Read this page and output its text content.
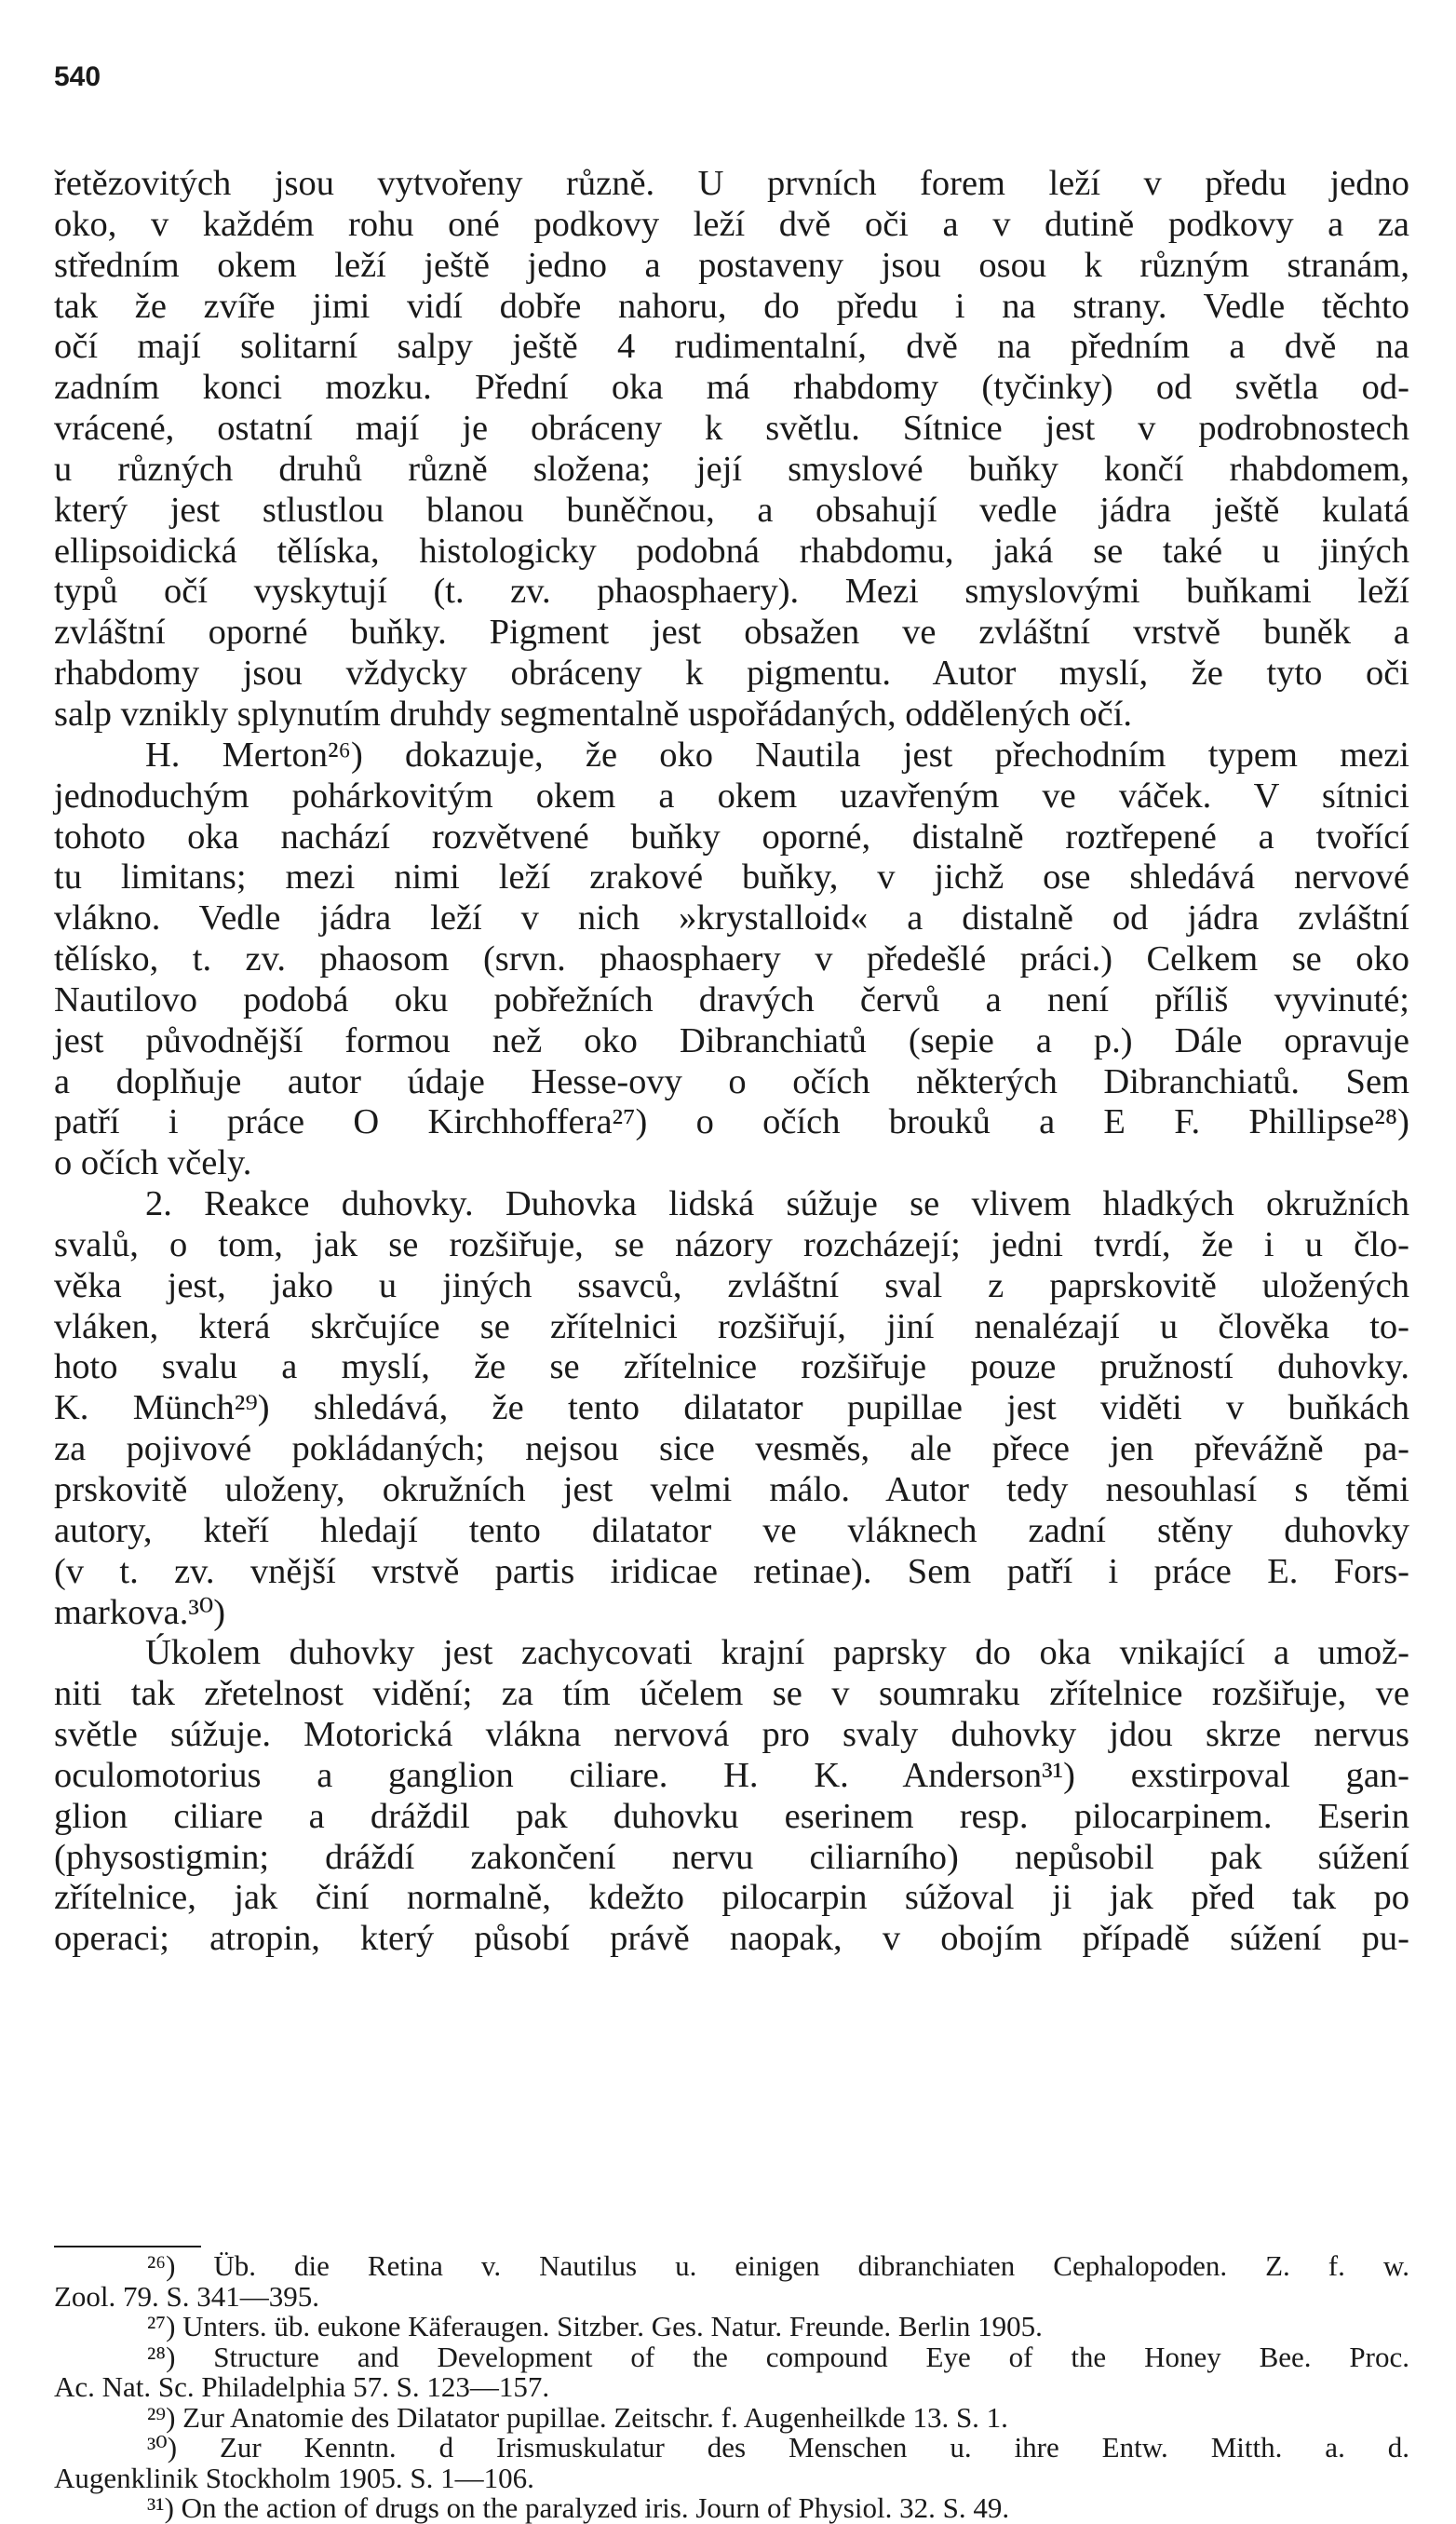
540
řetězovitých jsou vytvořeny různě. U prvních forem leží v předu jedno
oko, v každém rohu oné podkovy leží dvě oči a v dutině podkovy a za
středním okem leží ještě jedno a postaveny jsou osou k různým stranám,
tak že zvíře jimi vidí dobře nahoru, do předu i na strany. Vedle těchto
očí mají solitarní salpy ještě 4 rudimentalní, dvě na předním a dvě na
zadním konci mozku. Přední oka má rhabdomy (tyčinky) od světla od-
vrácené, ostatní mají je obráceny k světlu. Sítnice jest v podrobnostech
u různých druhů různě složena; její smyslové buňky končí rhabdomem,
který jest stlustlou blanou buněčnou, a obsahují vedle jádra ještě kulatá
ellipsoidická tělíska, histologicky podobná rhabdomu, jaká se také u jiných
typů očí vyskytují (t. zv. phaosphaery). Mezi smyslovými buňkami leží
zvláštní oporné buňky. Pigment jest obsažen ve zvláštní vrstvě buněk a
rhabdomy jsou vždycky obráceny k pigmentu. Autor myslí, že tyto oči
salp vznikly splynutím druhdy segmentalně uspořádaných, oddělených očí.
H. Merton²⁶) dokazuje, že oko Nautila jest přechodním typem mezi
jednoduchým pohárkovitým okem a okem uzavřeným ve váček. V sítnici
tohoto oka nachází rozvětvené buňky oporné, distalně roztřepené a tvořící
tu limitans; mezi nimi leží zrakové buňky, v jichž ose shledává nervové
vlákno. Vedle jádra leží v nich »krystalloid« a distalně od jádra zvláštní
tělísko, t. zv. phaosom (srvn. phaosphaery v předešlé práci.) Celkem se oko
Nautilovo podobá oku pobřežních dravých červů a není příliš vyvinuté;
jest původnější formou než oko Dibranchiatů (sepie a p.) Dále opravuje
a doplňuje autor údaje Hesse-ovy o očích některých Dibranchiatů. Sem
patří i práce O Kirchhoffera²⁷) o očích brouků a E F. Phillipse²⁸)
o očích včely.
2. Reakce duhovky. Duhovka lidská súžuje se vlivem hladkých okružních
svalů, o tom, jak se rozšiřuje, se názory rozcházejí; jedni tvrdí, že i u člo-
věka jest, jako u jiných ssavců, zvláštní sval z paprskovitě uložených
vláken, která skrčujíce se zřítelnici rozšiřují, jiní nenalézají u člověka to-
hoto svalu a myslí, že se zřítelnice rozšiřuje pouze pružností duhovky.
K. Münch²⁹) shledává, že tento dilatator pupillae jest viděti v buňkách
za pojivové pokládaných; nejsou sice vesměs, ale přece jen převážně pa-
prskovitě uloženy, okružních jest velmi málo. Autor tedy nesouhlasí s těmi
autory, kteří hledají tento dilatator ve vláknech zadní stěny duhovky
(v t. zv. vnější vrstvě partis iridicae retinae). Sem patří i práce E. Fors-
markova.³⁰)
Úkolem duhovky jest zachycovati krajní paprsky do oka vnikající a umož-
niti tak zřetelnost vidění; za tím účelem se v soumraku zřítelnice rozšiřuje, ve
světle súžuje. Motorická vlákna nervová pro svaly duhovky jdou skrze nervus
oculomotorius a ganglion ciliare. H. K. Anderson³¹) exstirpoval gan-
glion ciliare a dráždil pak duhovku eserinem resp. pilocarpinem. Eserin
(physostigmin; dráždí zakončení nervu ciliarního) nepůsobil pak súžení
zřítelnice, jak činí normalně, kdežto pilocarpin súžoval ji jak před tak po
operaci; atropin, který působí právě naopak, v obojím případě súžení pu-
²⁶) Üb. die Retina v. Nautilus u. einigen dibranchiaten Cephalopoden. Z. f. w.
Zool. 79. S. 341—395.
²⁷) Unters. üb. eukone Käferaugen. Sitzber. Ges. Natur. Freunde. Berlin 1905.
²⁸) Structure and Development of the compound Eye of the Honey Bee. Proc.
Ac. Nat. Sc. Philadelphia 57. S. 123—157.
²⁹) Zur Anatomie des Dilatator pupillae. Zeitschr. f. Augenheilkde 13. S. 1.
³⁰) Zur Kenntn. d Irismuskulatur des Menschen u. ihre Entw. Mitth. a. d.
Augenklinik Stockholm 1905. S. 1—106.
³¹) On the action of drugs on the paralyzed iris. Journ of Physiol. 32. S. 49.
